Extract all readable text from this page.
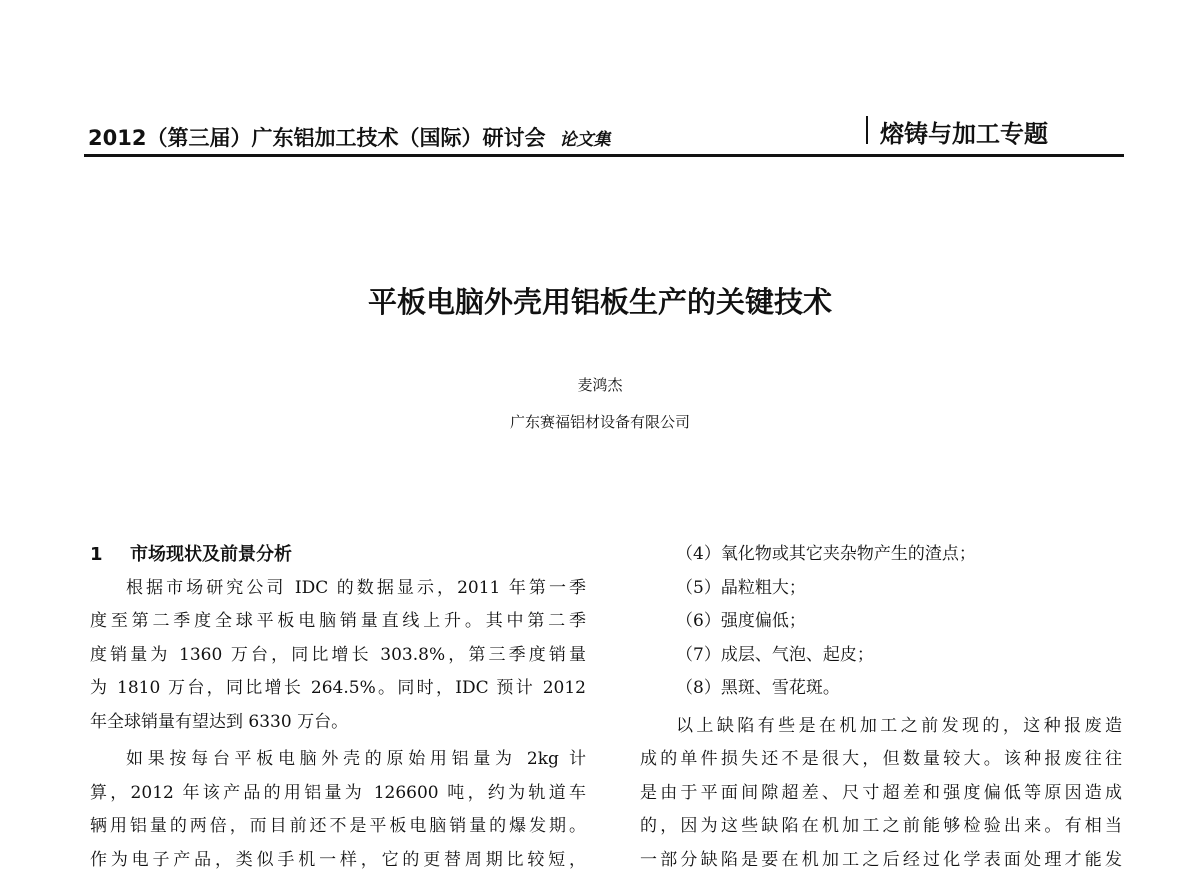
2012（第三届）广东铝加工技术（国际）研讨会 论文集	熔铸与加工专题
平板电脑外壳用铝板生产的关键技术
麦鸿杰
广东赛福铝材设备有限公司
1 市场现状及前景分析
根据市场研究公司 IDC 的数据显示，2011 年第一季
度至第二季度全球平板电脑销量直线上升。其中第二季
度销量为 1360 万台，同比增长 303.8%，第三季度销量
为 1810 万台，同比增长 264.5%。同时，IDC 预计 2012
年全球销量有望达到 6330 万台。
如果按每台平板电脑外壳的原始用铝量为 2kg 计
算，2012 年该产品的用铝量为 126600 吨，约为轨道车
辆用铝量的两倍，而目前还不是平板电脑销量的爆发期。
作为电子产品，类似手机一样，它的更替周期比较短，
（4）氧化物或其它夹杂物产生的渣点；
（5）晶粒粗大；
（6）强度偏低；
（7）成层、气泡、起皮；
（8）黑斑、雪花斑。
以上缺陷有些是在机加工之前发现的，这种报废造
成的单件损失还不是很大，但数量较大。该种报废往往
是由于平面间隙超差、尺寸超差和强度偏低等原因造成
的，因为这些缺陷在机加工之前能够检验出来。有相当
一部分缺陷是要在机加工之后经过化学表面处理才能发
